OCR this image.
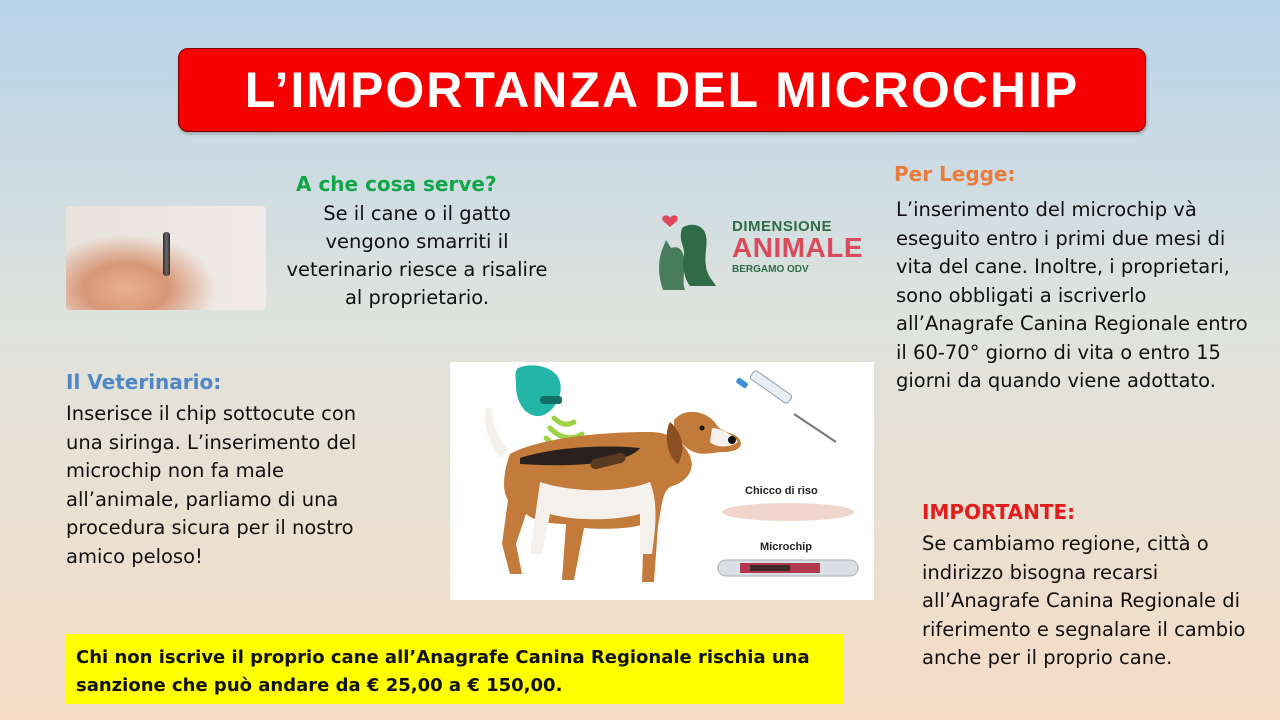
L’IMPORTANZA DEL MICROCHIP
A che cosa serve?
Se il cane o il gatto vengono smarriti il veterinario riesce a risalire al proprietario.
DIMENSIONE
ANIMALE
BERGAMO ODV
Per Legge:
L’inserimento del microchip và eseguito entro i primi due mesi di vita del cane. Inoltre, i proprietari, sono obbligati a iscriverlo all’Anagrafe Canina Regionale entro il 60-70° giorno di vita o entro 15 giorni da quando viene adottato.
Il Veterinario:
Inserisce il chip sottocute con una siringa. L’inserimento del microchip non fa male all’animale, parliamo di una procedura sicura per il nostro amico peloso!
Chicco di riso
Microchip
IMPORTANTE:
Se cambiamo regione, città o indirizzo bisogna recarsi all’Anagrafe Canina Regionale di riferimento e segnalare il cambio anche per il proprio cane.

Chi non iscrive il proprio cane all’Anagrafe Canina Regionale rischia una sanzione che può andare da € 25,00 a € 150,00.
